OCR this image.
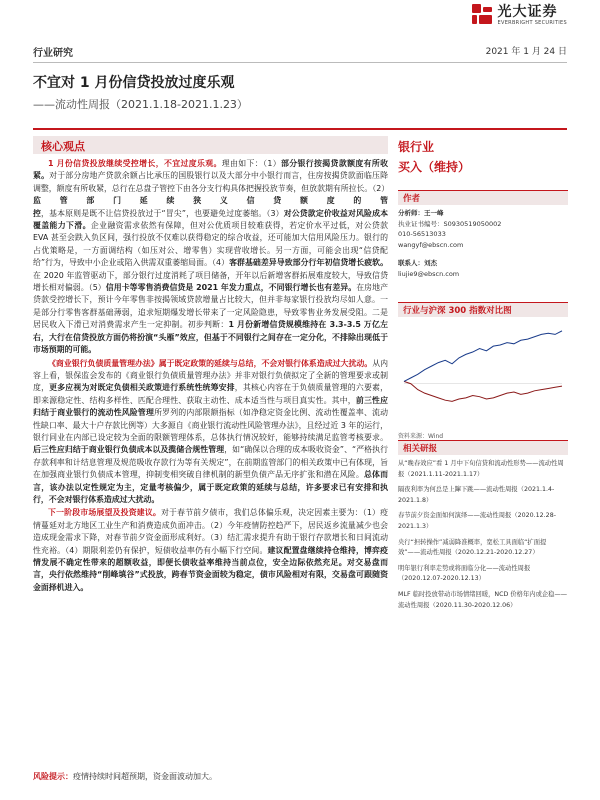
光大证券
EVERBRIGHT SECURITIES
行业研究	2021 年 1 月 24 日
不宜对 1 月份信贷投放过度乐观
——流动性周报（2021.1.18-2021.1.23）
核心观点

1 月份信贷投放继续受控增长，不宜过度乐观。理由如下：（1）部分银行按揭贷款额度有所收紧。对于部分房地产贷款余额占比承压的国股银行以及大部分中小银行而言，住房按揭贷款面临压降调整，额度有所收紧，总行在总盘子管控下由各分支行构具体把握投放节奏，但放款期有所拉长。（2）监管部门延续狭义信贷额度的管控，基本原则是既不让信贷投放过于“冒尖”，也要避免过度萎缩。（3）对公贷款定价收益对风险成本覆盖能力下滑。企业融资需求依然有保障，但对公优质项目较难获得，若定价水平过低，对公贷款 EVA 甚至会跌入负区间，强行投放不仅难以获得稳定的综合收益，还可能加大信用风险压力。银行的占优策略是，一方面调结构（如压对公、增零售）实现营收增长。另一方面，可能会出现“信贷配给”行为，导致中小企业或陷入供需双重萎缩局面。（4）客群基础差异导致部分行年初信贷增长疲软。在 2020 年监管驱动下，部分银行过度消耗了项目储备，开年以后新增客群拓展难度较大，导致信贷增长相对偏弱。（5）信用卡等零售消费信贷是 2021 年发力重点，不同银行增长也有差异。在房地产贷款受控增长下，预计今年零售非按揭领域贷款增量占比较大，但并非每家银行投放均尽如人意。一是部分行零售客群基础薄弱，追求短期爆发增长带来了一定风险隐患，导致零售业务发展受阻。二是居民收入下滑已对消费需求产生一定抑制。初步判断：1 月份新增信贷规模维持在 3.3-3.5 万亿左右，大行在信贷投放方面仍将扮演“头雁”效应，但基于不同银行之间存在一定分化，不排除出现低于市场预期的可能。

《商业银行负债质量管理办法》属于既定政策的延续与总结，不会对银行体系造成过大扰动。从内容上看，银保监会发布的《商业银行负债质量管理办法》并非对银行负债拟定了全新的管理要求或制度，更多应视为对既定负债相关政策进行系统性统筹安排，其核心内容在于负债质量管理的六要素，即来源稳定性、结构多样性、匹配合理性、获取主动性、成本适当性与项目真实性。其中，前三性应归结于商业银行的流动性风险管理所罗列的内部限额指标（如净稳定资金比例、流动性覆盖率、流动性缺口率、最大十户存款比例等）大多源自《商业银行流动性风险管理办法》，且经过近 3 年的运行，银行同业在内部已设定较为全面的限额管理体系，总体执行情况较好，能够持续满足监管考核要求。后三性应归结于商业银行负债成本以及揽储合规性管理，如“确保以合理的成本吸收资金”、“严格执行存款利率和计结息管理及规范吸收存款行为等有关规定”，在前期监管部门的相关政策中已有体现，旨在加强商业银行负债成本管理，抑制变相突破自律机制的新型负债产品无序扩张和潜在风险。总体而言，该办法以定性规定为主，定量考核偏少，属于既定政策的延续与总结，许多要求已有安排和执行，不会对银行体系造成过大扰动。

下一阶段市场展望及投资建议。对于春节前夕债市，我们总体偏乐观，决定因素主要为：（1）疫情蔓延对北方地区工业生产和消费造成负面冲击。（2）今年疫情防控趋严下，居民返乡流量减少也会造成现金需求下降，对春节前夕资金面形成利好。（3）结汇需求提升有助于银行存款增长和日间流动性充裕。（4）期限利差仍有保护，短债收益率仍有小幅下行空间。建议配置盘继续持仓维持，博弈疫情发展不确定性带来的超额收益，即便长债收益率维持当前点位，安全边际依然充足。对交易盘而言，央行依然维持“削峰填谷”式投放，跨春节资金面较为稳定，债市风险相对有限，交易盘可跟随资金面择机进入。

风险提示：疫情持续时间超预期，资金面波动加大。
银行业
买入（维持）
作者
分析师：王一峰
执业证书编号：S0930519050002
010-56513033
wangyf@ebscn.com
联系人：刘杰
liujie9@ebscn.com
行业与沪深 300 指数对比图
资料来源：Wind
相关研报
从“晚春效应”看 1 月中下旬信贷和流动性形势——流动性周报（2021.1.11-2021.1.17）
隔夜利率为何总是上蹿下跳——流动性周报（2021.1.4-2021.1.8）
春节前夕资金面如何演绎——流动性周报（2020.12.28-2021.1.3）
央行“担转操作”减弱降准概率，宽松工具面临“扩面提效”——流动性周报（2020.12.21-2020.12.27）
明年银行利率走势或将面临分化——流动性周报（2020.12.07-2020.12.13）
MLF 临时投放带动市场情绪回暖，NCD 价格年内或企稳——流动性周报（2020.11.30-2020.12.06）
